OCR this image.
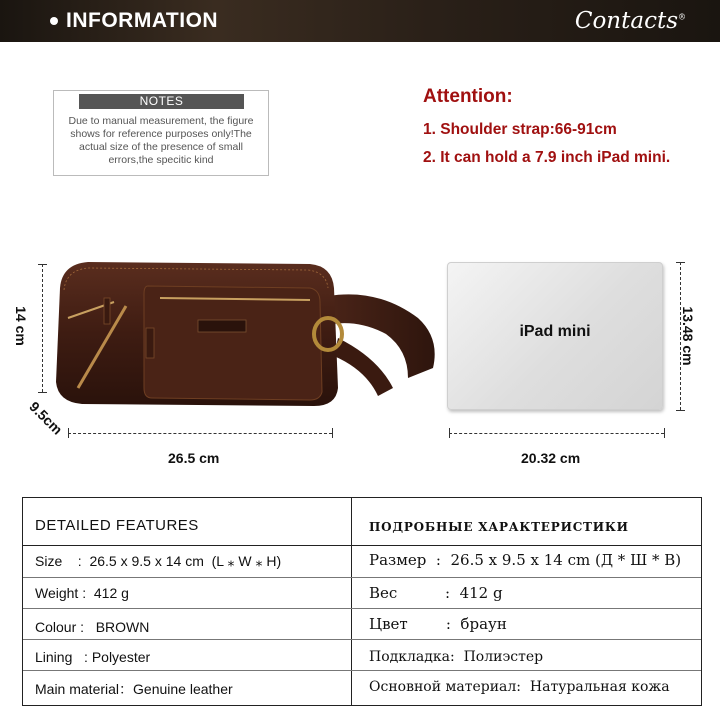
INFORMATION	Contacts®
NOTES
Due to manual measurement, the figure shows for reference purposes only!The actual size of the presence of small errors,the specitic kind
Attention:
1. Shoulder strap:66-91cm
2. It can hold a 7.9 inch iPad mini.
14 cm
9.5cm
26.5 cm
iPad mini	13.48 cm
20.32 cm
DETAILED FEATURES	ПОДРОБНЫЕ ХАРАКТЕРИСТИКИ
Size    :  26.5 x 9.5 x 14 cm  (L ⁎ W ⁎ H)	Размер  :  26.5 x 9.5 x 14 cm (Д * Ш * В)
Weight :  412 g	Вес          :  412 g
Colour :   BROWN	Цвет        :  браун
Lining   : Polyester	Подкладка:  Полиэстер
Main material：Genuine leather	Основной материал:  Натуральная кожа
